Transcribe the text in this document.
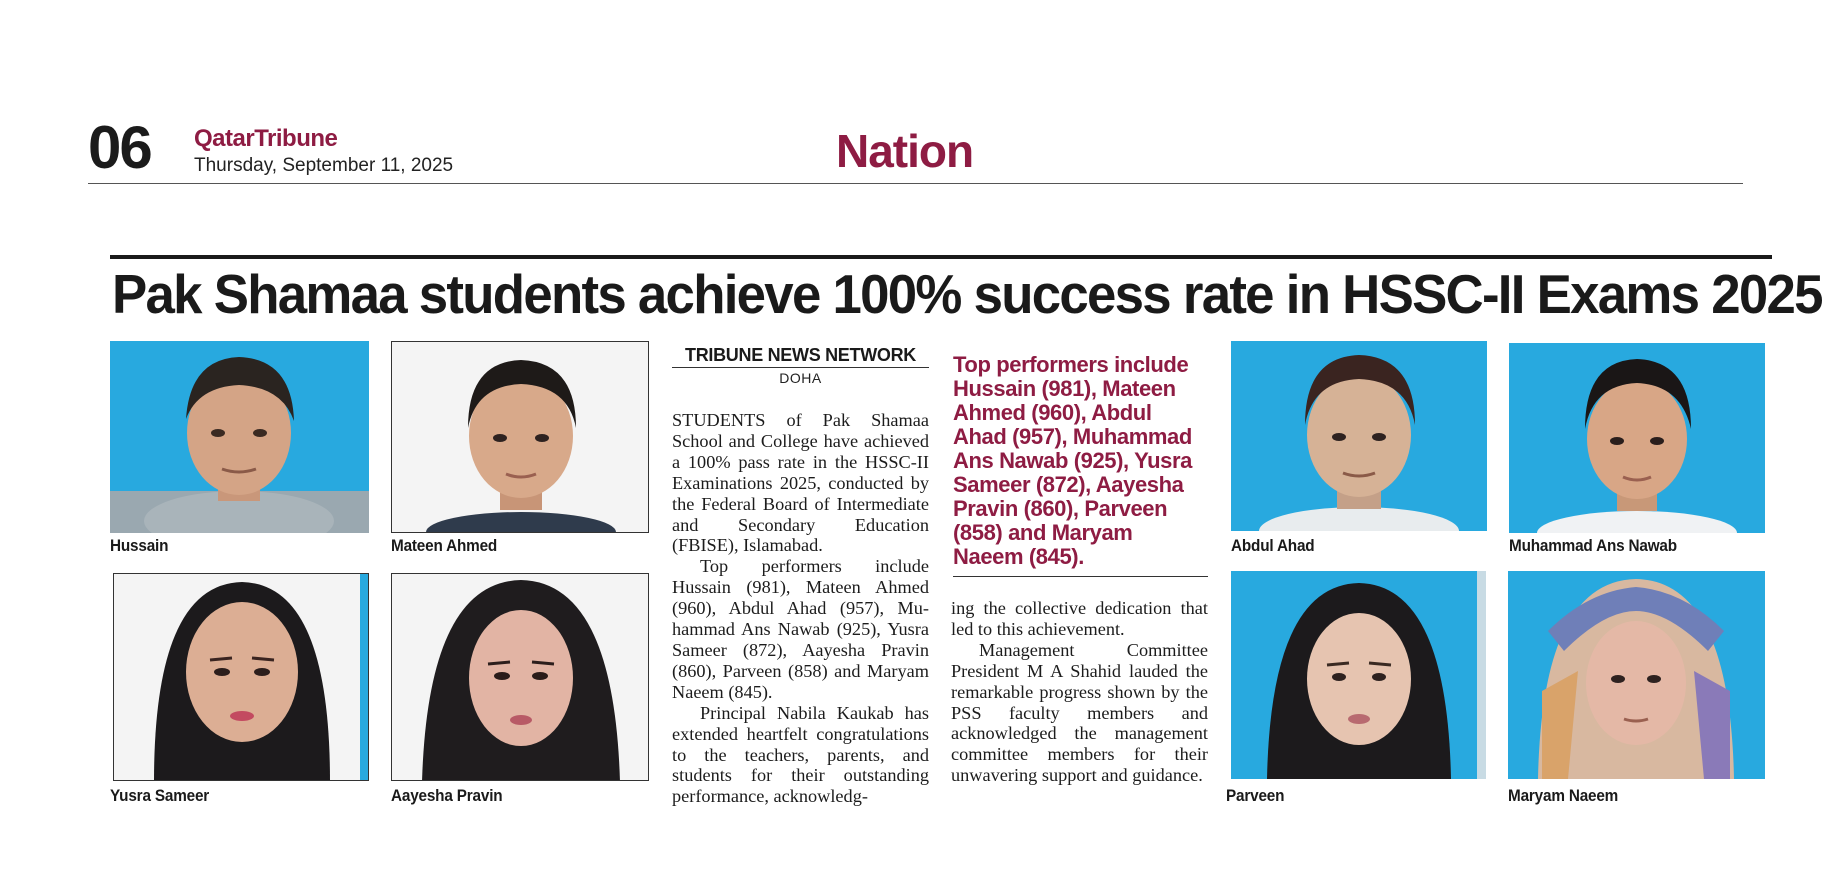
06 QatarTribune
Thursday, September 11, 2025	Nation
Pak Shamaa students achieve 100% success rate in HSSC-II Exams 2025
Hussain	Mateen Ahmed
Yusra Sameer	Aayesha Pravin
Abdul Ahad	Muhammad Ans Nawab
Parveen	Maryam Naeem
TRIBUNE NEWS NETWORK
DOHA

STUDENTS of Pak Shamaa School and College have achieved a 100% pass rate in the HSSC-II Examinations 2025, conducted by the Federal Board of Intermediate and Secondary Education (FBISE), Islamabad.

Top performers include Hussain (981), Mateen Ahmed (960), Abdul Ahad (957), Muhammad Ans Nawab (925), Yusra Sameer (872), Aayesha Pravin (860), Parveen (858) and Maryam Naeem (845).

Principal Nabila Kaukab has extended heartfelt congratulations to the teachers, parents, and students for their outstanding performance, acknowledg-

Top performers include Hussain (981), Mateen Ahmed (960), Abdul Ahad (957), Muhammad Ans Nawab (925), Yusra Sameer (872), Aayesha Pravin (860), Parveen (858) and Maryam Naeem (845).

ing the collective dedication that led to this achievement.

Management Committee President M A Shahid lauded the remarkable progress shown by the PSS faculty members and acknowledged the management committee members for their unwavering support and guidance.
